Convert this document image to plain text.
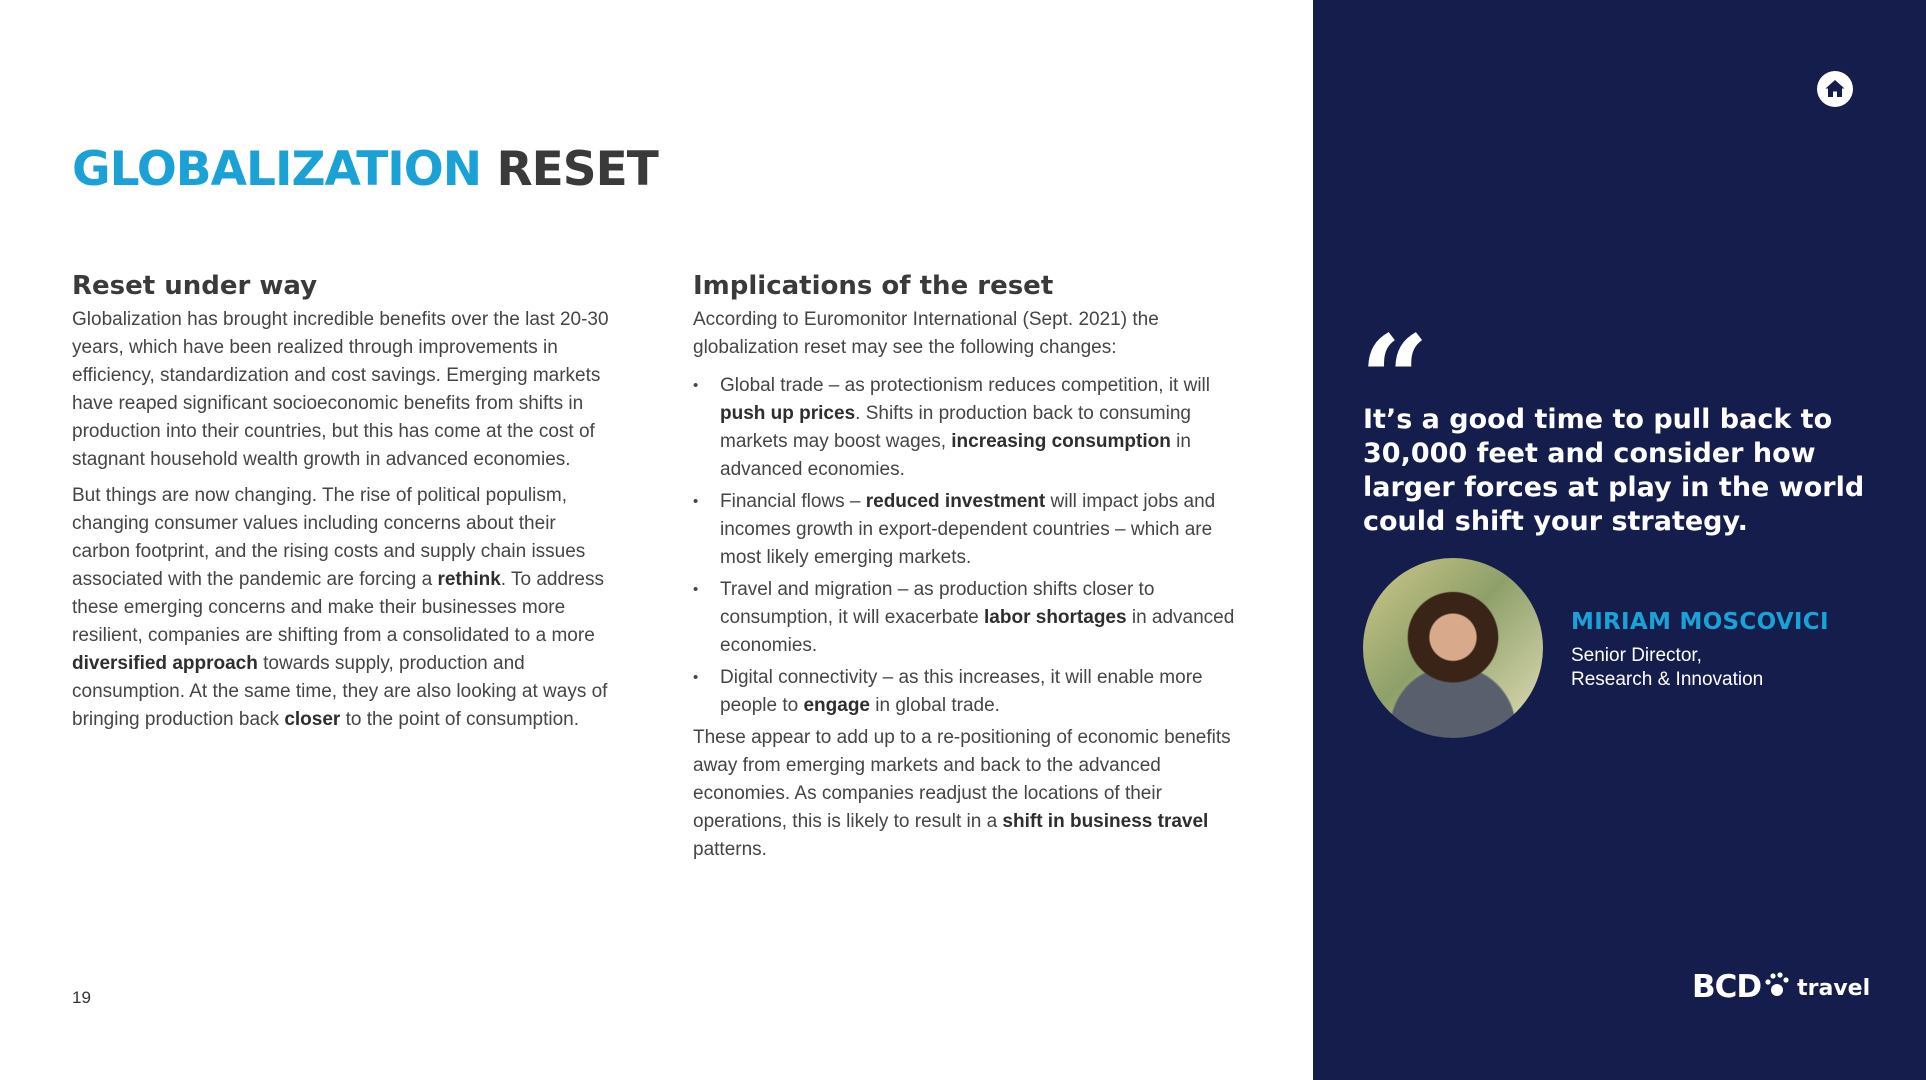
GLOBALIZATION RESET
Reset under way

Globalization has brought incredible benefits over the last 20-30 years, which have been realized through improvements in efficiency, standardization and cost savings. Emerging markets have reaped significant socioeconomic benefits from shifts in production into their countries, but this has come at the cost of stagnant household wealth growth in advanced economies.

But things are now changing. The rise of political populism, changing consumer values including concerns about their carbon footprint, and the rising costs and supply chain issues associated with the pandemic are forcing a rethink. To address these emerging concerns and make their businesses more resilient, companies are shifting from a consolidated to a more diversified approach towards supply, production and consumption. At the same time, they are also looking at ways of bringing production back closer to the point of consumption.

Implications of the reset

According to Euromonitor International (Sept. 2021) the globalization reset may see the following changes:

• Global trade – as protectionism reduces competition, it will push up prices. Shifts in production back to consuming markets may boost wages, increasing consumption in advanced economies.
• Financial flows – reduced investment will impact jobs and incomes growth in export-dependent countries – which are most likely emerging markets.
• Travel and migration – as production shifts closer to consumption, it will exacerbate labor shortages in advanced economies.
• Digital connectivity – as this increases, it will enable more people to engage in global trade.

These appear to add up to a re-positioning of economic benefits away from emerging markets and back to the advanced economies. As companies readjust the locations of their operations, this is likely to result in a shift in business travel patterns.

19
“

It’s a good time to pull back to 30,000 feet and consider how larger forces at play in the world could shift your strategy.

MIRIAM MOSCOVICI
Senior Director,
Research & Innovation
BCD travel
